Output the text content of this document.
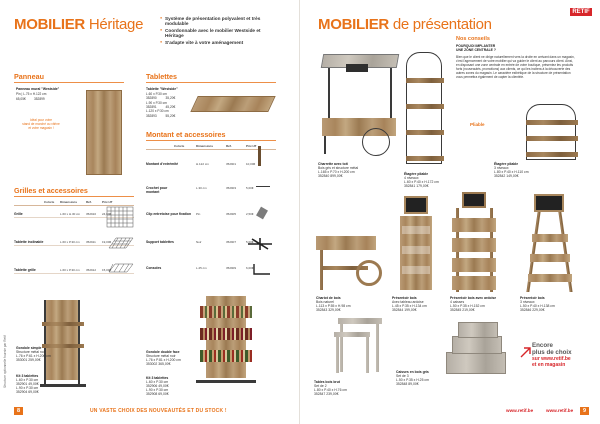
MOBILIER Héritage
●	Système de présentation polyvalent et très modulable
● Coordonnable avec le mobilier Westside et Héritage
● S'adapte vite à votre aménagement
Panneau
Panneau mural "Westside"
Pin | L.75 x H.122 cm
65,05€	352899
Idéal pour votre
stand de marché ou vitrine
et votre magasin !
Tablettes
Tablette "Westside"
L.60 x P.30 cm
352890	35,20€
L.90 x P.30 cm
352891	45,20€
L.120 x P.30 cm
352893	55,20€
Montant et accessoires
Coloris	Dimensions	Réf.	Prix HT
Montant d'extrémité	H.122 cm	352901	10,00€
Crochet pour montant
L.30 cm	352903	5,00€
Clip entretoise pour fixation Pin	352905	2,50€
Support tablettes	Noir	352907	5,00€
Consoles	L.25 cm	352909	6,00€
Grilles et accessoires
Coloris Dimensions	Réf.	Prix HT
Grille	L.60 x H.30 cm 352910 24,00€
Tablette inclinable	L.60 x P.30 cm 352911 19,00€
Tablette grille	L.60 x P.30 cm 352912 15,00€
Gondole simple
Structure métal noir
L.76 x P.61 x H.200 cm
353001 259,00€
Kit 3 tablettes
L.60 x P.30 cm
352901 49,00€
L.90 x P.30 cm
352904 69,00€
Gondole double face
Structure métal noir
L.76 x P.81 x H.200 cm
353002 365,00€
Kit 3 tablettes
L.60 x P.30 cm
352906 49,00€
L.90 x P.30 cm
352908 69,00€
Structure optionnelle fournie par Retif
8	UN VASTE CHOIX DES NOUVEAUTÉS ET DU STOCK !
MOBILIER de présentation
RETIF
Charrette avec toit
Bois gris et structure métal
L.165 x P.70 x H.200 cm
352840 899,00€
Étagère pliable
4 niveaux
L.60 x P.40 x H.172 cm
352841 179,00€
Nos conseils
POURQUOI IMPLANTER
UNE ZONE CENTRALE ?
Bien que le client ne dirige naturellement vers la droite en arrivant dans un magasin, c'est l'agencement de votre mobilier qui va guider le client au parcours client. Ainsi, en disposant une zone centrale en entrée de votre boutique, présentez les produits forts (nouveautés, promotions) aux clients, ce qui les incitera à la découverte des autres zones du magasin. Le caractère esthétique de la structure de présentation vous permettra également de capter la clientèle.
Pliable
Étagère pliable
3 niveaux
L.80 x P.40 x H.110 cm
352842 149,00€
Chariot de bois
Bois naturel
L.113 x P.55 x H.98 cm
352843 329,00€
Présentoir bois
Avec tableau ardoise
L.45 x P.35 x H.134 cm
352844 199,00€
Présentoir bois avec ardoise
4 caisses
L.50 x P.35 x H.152 cm
352845 219,00€
Présentoir bois
3 niveaux
L.50 x P.40 x H.138 cm
352846 229,00€
Tables bois brut
Set de 2
L.80 x P.40 x H.76 cm
352847 239,00€
Caisses en bois gris
Set de 3
L.50 x P.35 x H.25 cm
352848 89,00€
Encore
plus de choix
sur www.retif.be
et en magasin
www.retif.be	www.retif.be	9
